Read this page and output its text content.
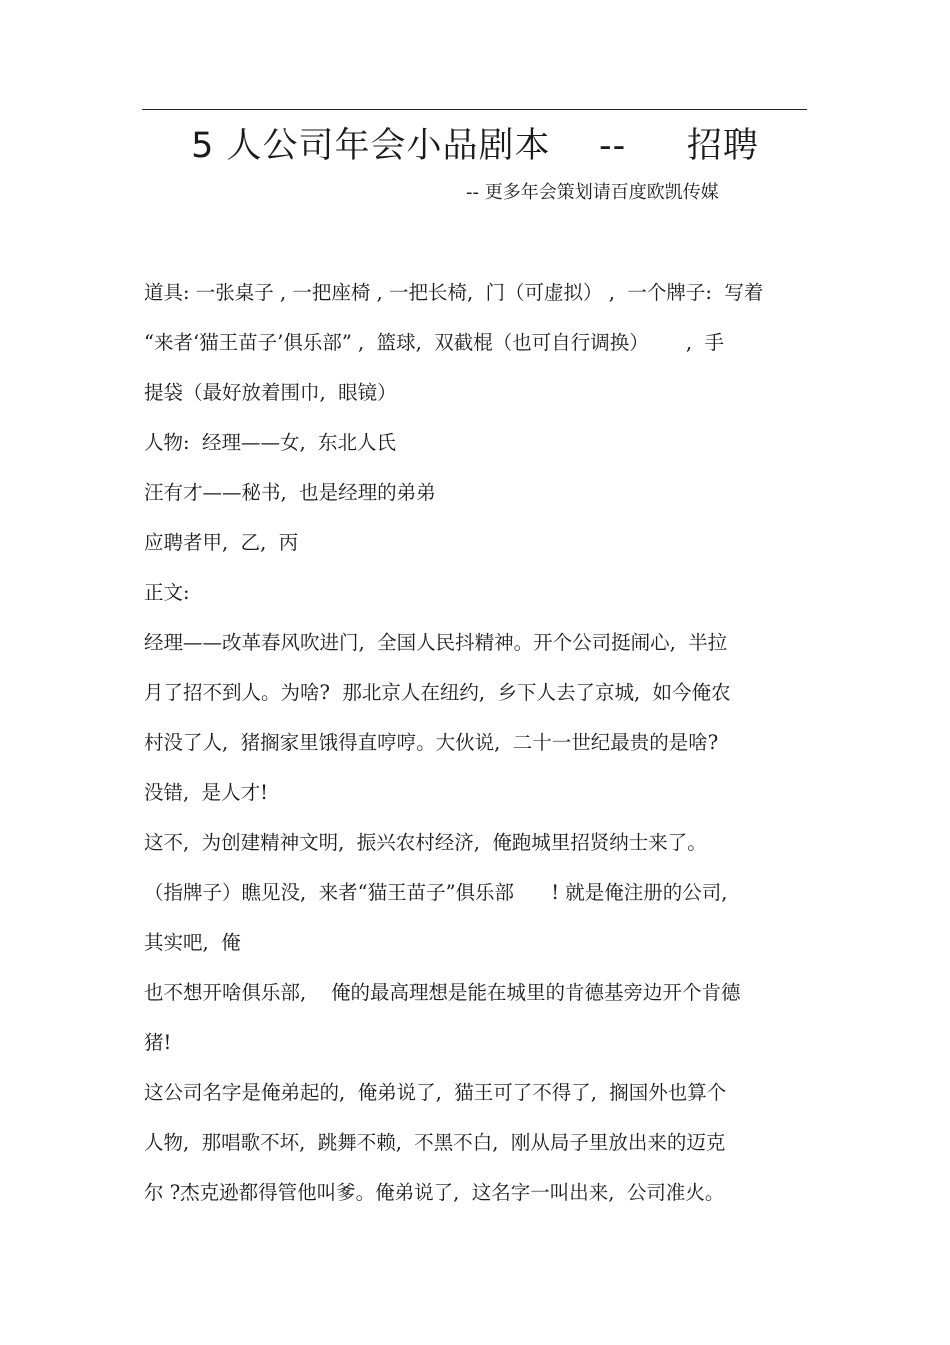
5 人公司年会小品剧本    --     招聘
-- 更多年会策划请百度欧凯传媒
道具: 一张桌子 , 一把座椅 , 一把长椅,  门（可虚拟） ,  一个牌子:  写着
“来者‘猫王苗子’俱乐部” ,  篮球,  双截棍（也可自行调换）      ,  手
提袋（最好放着围巾,  眼镜）
人物:  经理——女,  东北人氏
汪有才——秘书,  也是经理的弟弟
应聘者甲,  乙,  丙
正文:
经理——改革春风吹进门,  全国人民抖精神。开个公司挺闹心,  半拉
月了招不到人。为啥?  那北京人在纽约,  乡下人去了京城,  如今俺农
村没了人,  猪搁家里饿得直哼哼。大伙说,  二十一世纪最贵的是啥?
没错,  是人才!
这不,  为创建精神文明,  振兴农村经济,  俺跑城里招贤纳士来了。
（指牌子）瞧见没,  来者“猫王苗子”俱乐部      ! 就是俺注册的公司,
其实吧,  俺
也不想开啥俱乐部,    俺的最高理想是能在城里的肯德基旁边开个肯德
猪!
这公司名字是俺弟起的,  俺弟说了,  猫王可了不得了,  搁国外也算个
人物,  那唱歌不坏,  跳舞不赖,  不黑不白,  刚从局子里放出来的迈克
尔 ?杰克逊都得管他叫爹。俺弟说了,  这名字一叫出来,  公司准火。
